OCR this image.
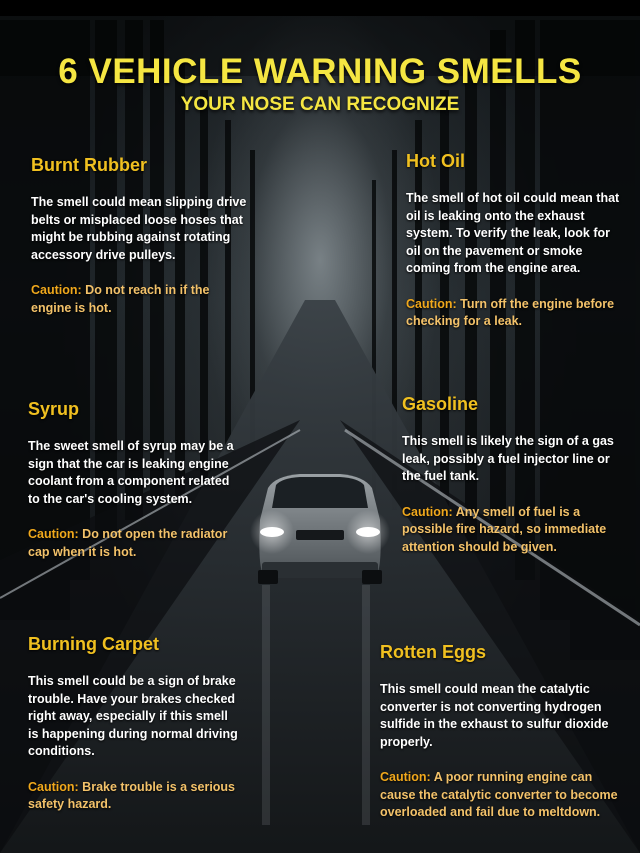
6 VEHICLE WARNING SMELLS
YOUR NOSE CAN RECOGNIZE
Burnt Rubber

The smell could mean slipping drive belts or misplaced loose hoses that might be rubbing against rotating accessory drive pulleys.

Caution: Do not reach in if the engine is hot.

Hot Oil

The smell of hot oil could mean that oil is leaking onto the exhaust system. To verify the leak, look for oil on the pavement or smoke coming from the engine area.

Caution: Turn off the engine before checking for a leak.

Syrup

The sweet smell of syrup may be a sign that the car is leaking engine coolant from a component related to the car's cooling system.

Caution: Do not open the radiator cap when it is hot.

Gasoline

This smell is likely the sign of a gas leak, possibly a fuel injector line or the fuel tank.

Caution: Any smell of fuel is a possible fire hazard, so immediate attention should be given.

Burning Carpet

This smell could be a sign of brake trouble. Have your brakes checked right away, especially if this smell is happening during normal driving conditions.

Caution: Brake trouble is a serious safety hazard.

Rotten Eggs

This smell could mean the catalytic converter is not converting hydrogen sulfide in the exhaust to sulfur dioxide properly.

Caution: A poor running engine can cause the catalytic converter to become overloaded and fail due to meltdown.
